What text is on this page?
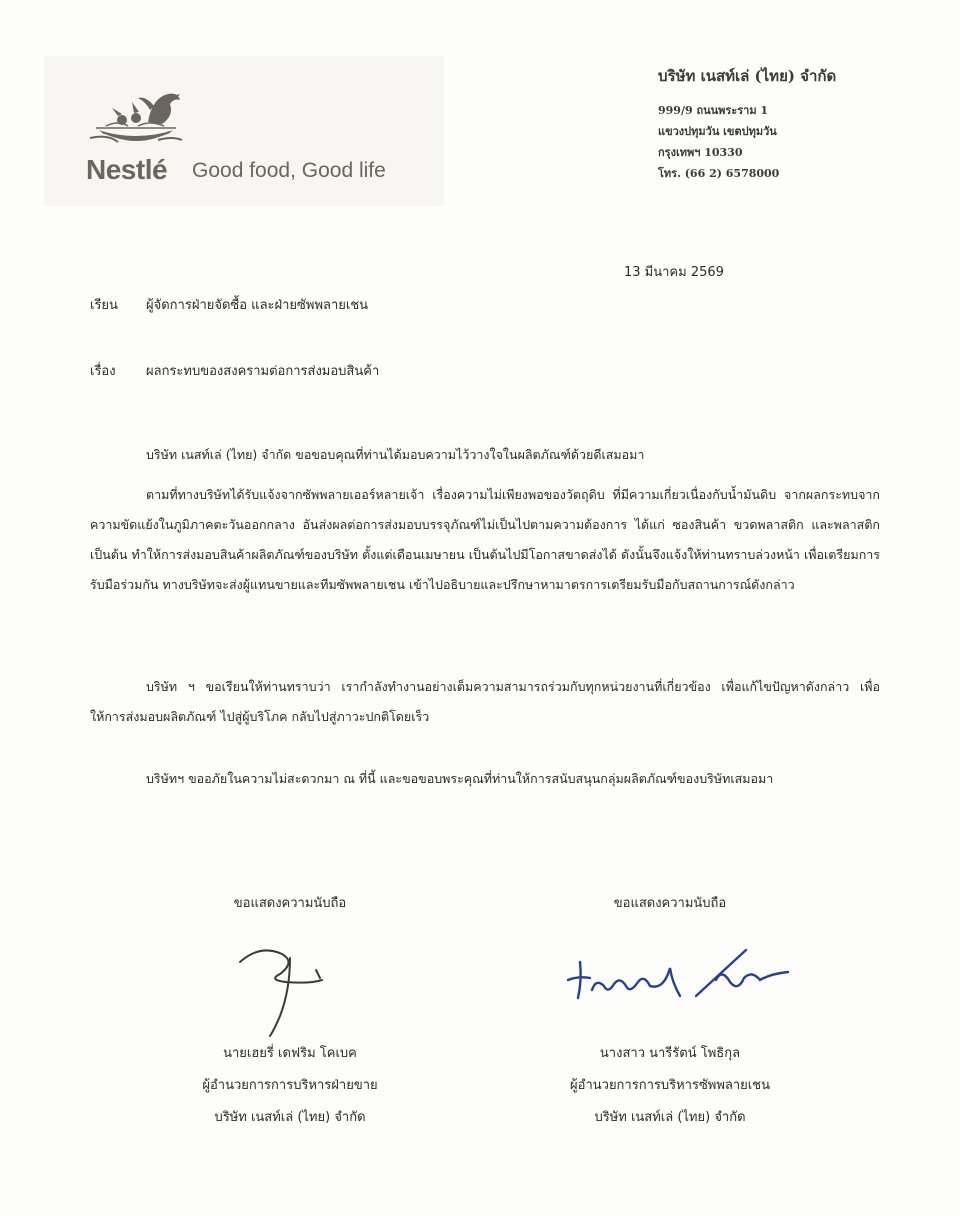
Nestlé Good food, Good life
บริษัท เนสท์เล่ (ไทย) จำกัด
999/9 ถนนพระราม 1
แขวงปทุมวัน เขตปทุมวัน
กรุงเทพฯ 10330
โทร. (66 2) 6578000
13 มีนาคม 2569
เรียน	ผู้จัดการฝ่ายจัดซื้อ และฝ่ายซัพพลายเชน
เรื่อง	ผลกระทบของสงครามต่อการส่งมอบสินค้า

บริษัท เนสท์เล่ (ไทย) จำกัด ขอขอบคุณที่ท่านได้มอบความไว้วางใจในผลิตภัณฑ์ด้วยดีเสมอมา

ตามที่ทางบริษัทได้รับแจ้งจากซัพพลายเออร์หลายเจ้า เรื่องความไม่เพียงพอของวัตถุดิบ ที่มีความเกี่ยวเนื่องกับน้ำมันดิบ จากผลกระทบจากความขัดแย้งในภูมิภาคตะวันออกกลาง อันส่งผลต่อการส่งมอบบรรจุภัณฑ์ไม่เป็นไปตามความต้องการ ได้แก่ ซองสินค้า ขวดพลาสติก และพลาสติก เป็นต้น ทำให้การส่งมอบสินค้าผลิตภัณฑ์ของบริษัท ตั้งแต่เดือนเมษายน เป็นต้นไปมีโอกาสขาดส่งได้ ดังนั้นจึงแจ้งให้ท่านทราบล่วงหน้า เพื่อเตรียมการรับมือร่วมกัน ทางบริษัทจะส่งผู้แทนขายและทีมซัพพลายเชน เข้าไปอธิบายและปรึกษาหามาตรการเตรียมรับมือกับสถานการณ์ดังกล่าว

บริษัท ฯ ขอเรียนให้ท่านทราบว่า เรากำลังทำงานอย่างเต็มความสามารถร่วมกับทุกหน่วยงานที่เกี่ยวข้อง เพื่อแก้ไขปัญหาดังกล่าว เพื่อให้การส่งมอบผลิตภัณฑ์ ไปสู่ผู้บริโภค กลับไปสู่ภาวะปกติโดยเร็ว

บริษัทฯ ขออภัยในความไม่สะดวกมา ณ ที่นี้ และขอขอบพระคุณที่ท่านให้การสนับสนุนกลุ่มผลิตภัณฑ์ของบริษัทเสมอมา

ขอแสดงความนับถือ
นายเฮยรี่ เดฟริม โคเบค
ผู้อำนวยการการบริหารฝ่ายขาย
บริษัท เนสท์เล่ (ไทย) จำกัด
ขอแสดงความนับถือ
นางสาว นารีรัตน์ โพธิกุล
ผู้อำนวยการการบริหารซัพพลายเชน
บริษัท เนสท์เล่ (ไทย) จำกัด
